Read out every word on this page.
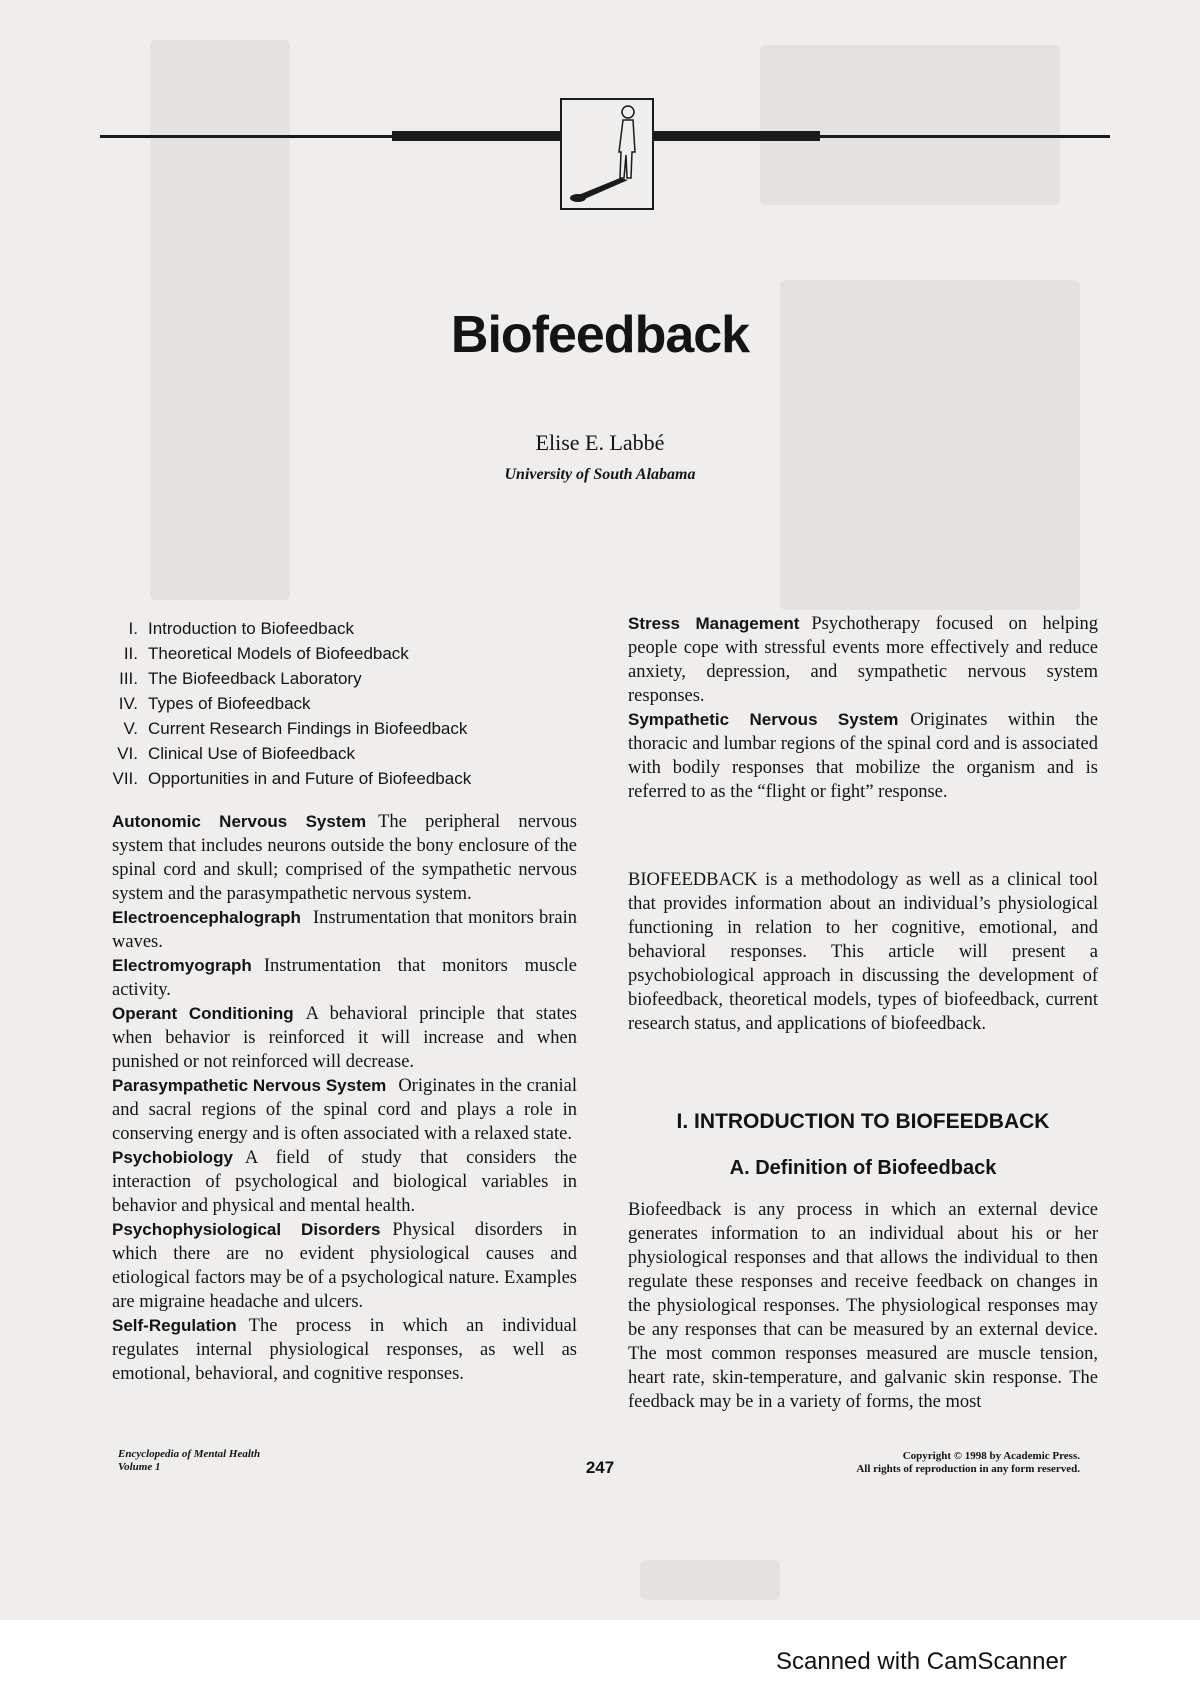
Biofeedback
Elise E. Labbé
University of South Alabama
I. Introduction to Biofeedback
II. Theoretical Models of Biofeedback
III. The Biofeedback Laboratory
IV. Types of Biofeedback
V. Current Research Findings in Biofeedback
VI. Clinical Use of Biofeedback
VII. Opportunities in and Future of Biofeedback

Autonomic Nervous System The peripheral nervous system that includes neurons outside the bony enclosure of the spinal cord and skull; comprised of the sympathetic nervous system and the parasympathetic nervous system.

Electroencephalograph Instrumentation that monitors brain waves.

Electromyograph Instrumentation that monitors muscle activity.

Operant Conditioning A behavioral principle that states when behavior is reinforced it will increase and when punished or not reinforced will decrease.

Parasympathetic Nervous System Originates in the cranial and sacral regions of the spinal cord and plays a role in conserving energy and is often associated with a relaxed state.

Psychobiology A field of study that considers the interaction of psychological and biological variables in behavior and physical and mental health.

Psychophysiological Disorders Physical disorders in which there are no evident physiological causes and etiological factors may be of a psychological nature. Examples are migraine headache and ulcers.

Self-Regulation The process in which an individual regulates internal physiological responses, as well as emotional, behavioral, and cognitive responses.

Stress Management Psychotherapy focused on helping people cope with stressful events more effectively and reduce anxiety, depression, and sympathetic nervous system responses.

Sympathetic Nervous System Originates within the thoracic and lumbar regions of the spinal cord and is associated with bodily responses that mobilize the organism and is referred to as the “flight or fight” response.

BIOFEEDBACK is a methodology as well as a clinical tool that provides information about an individual’s physiological functioning in relation to her cognitive, emotional, and behavioral responses. This article will present a psychobiological approach in discussing the development of biofeedback, theoretical models, types of biofeedback, current research status, and applications of biofeedback.
I. INTRODUCTION TO BIOFEEDBACK
A. Definition of Biofeedback
Biofeedback is any process in which an external device generates information to an individual about his or her physiological responses and that allows the individual to then regulate these responses and receive feedback on changes in the physiological responses. The physiological responses may be any responses that can be measured by an external device. The most common responses measured are muscle tension, heart rate, skin-temperature, and galvanic skin response. The feedback may be in a variety of forms, the most
Encyclopedia of Mental Health
Volume 1	247
Copyright © 1998 by Academic Press.
All rights of reproduction in any form reserved.
Scanned with CamScanner
